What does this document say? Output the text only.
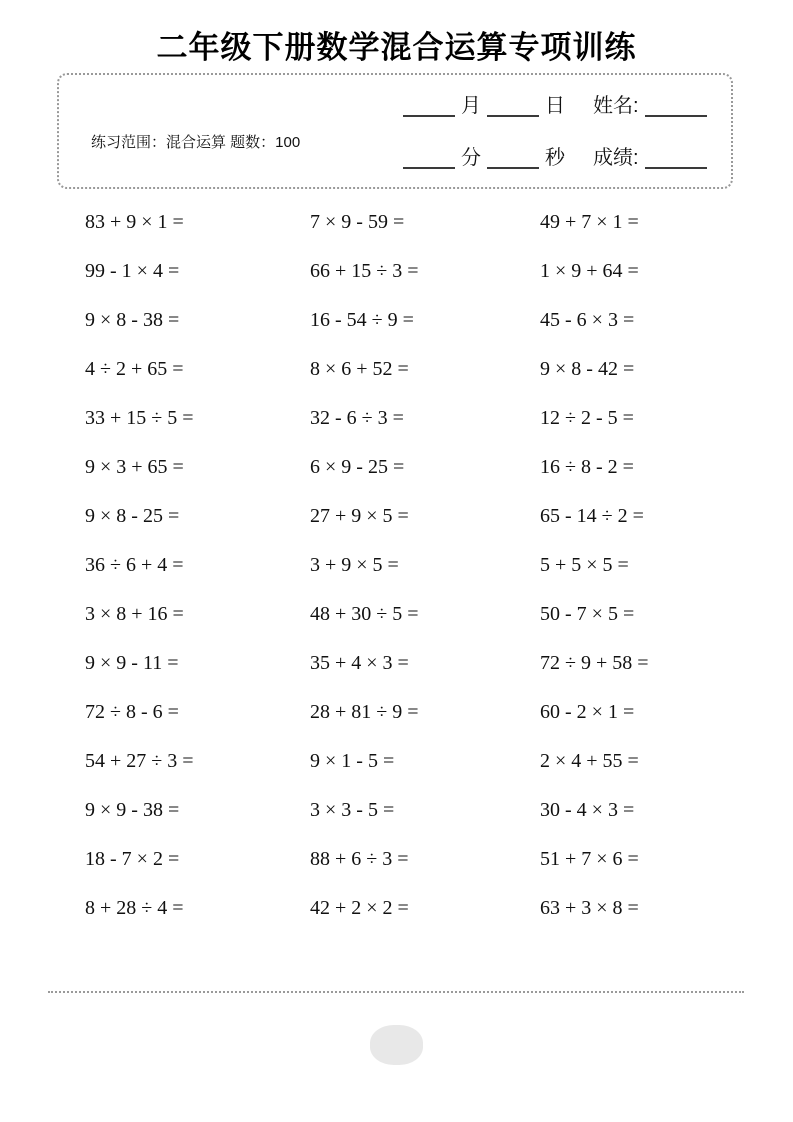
二年级下册数学混合运算专项训练
练习范围：混合运算 题数：100
月	日 姓名:
分	秒 成绩:
83 + 9 × 1 =	7 × 9 - 59 =	49 + 7 × 1 =
99 - 1 × 4 =	66 + 15 ÷ 3 =	1 × 9 + 64 =
9 × 8 - 38 =	16 - 54 ÷ 9 =	45 - 6 × 3 =
4 ÷ 2 + 65 =	8 × 6 + 52 =	9 × 8 - 42 =
33 + 15 ÷ 5 =	32 - 6 ÷ 3 =	12 ÷ 2 - 5 =
9 × 3 + 65 =	6 × 9 - 25 =	16 ÷ 8 - 2 =
9 × 8 - 25 =	27 + 9 × 5 =	65 - 14 ÷ 2 =
36 ÷ 6 + 4 =	3 + 9 × 5 =	5 + 5 × 5 =
3 × 8 + 16 =	48 + 30 ÷ 5 =	50 - 7 × 5 =
9 × 9 - 11 =	35 + 4 × 3 =	72 ÷ 9 + 58 =
72 ÷ 8 - 6 =	28 + 81 ÷ 9 =	60 - 2 × 1 =
54 + 27 ÷ 3 =	9 × 1 - 5 =	2 × 4 + 55 =
9 × 9 - 38 =	3 × 3 - 5 =	30 - 4 × 3 =
18 - 7 × 2 =	88 + 6 ÷ 3 =	51 + 7 × 6 =
8 + 28 ÷ 4 =	42 + 2 × 2 =	63 + 3 × 8 =
